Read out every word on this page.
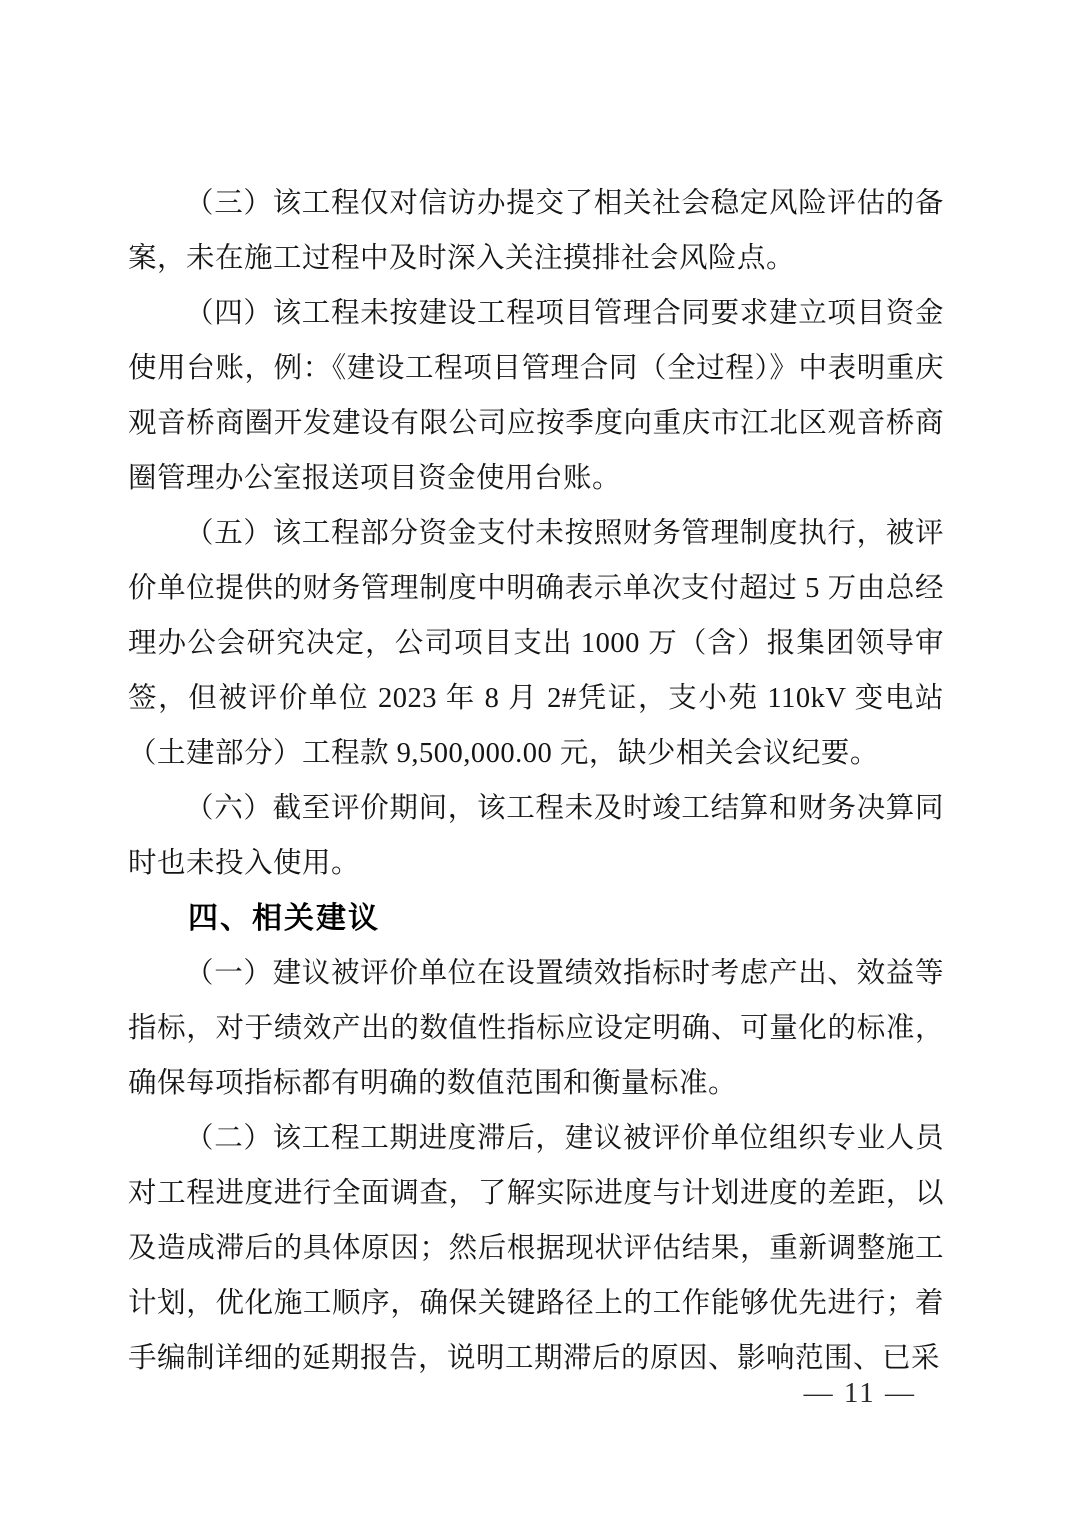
（三）该工程仅对信访办提交了相关社会稳定风险评估的备案，未在施工过程中及时深入关注摸排社会风险点。

（四）该工程未按建设工程项目管理合同要求建立项目资金使用台账，例：《建设工程项目管理合同（全过程）》中表明重庆观音桥商圈开发建设有限公司应按季度向重庆市江北区观音桥商圈管理办公室报送项目资金使用台账。

（五）该工程部分资金支付未按照财务管理制度执行，被评价单位提供的财务管理制度中明确表示单次支付超过 5 万由总经理办公会研究决定，公司项目支出 1000 万（含）报集团领导审签，但被评价单位 2023 年 8 月 2#凭证，支小苑 110kV 变电站（土建部分）工程款 9,500,000.00 元，缺少相关会议纪要。

（六）截至评价期间，该工程未及时竣工结算和财务决算同时也未投入使用。

四、相关建议

（一）建议被评价单位在设置绩效指标时考虑产出、效益等指标，对于绩效产出的数值性指标应设定明确、可量化的标准，确保每项指标都有明确的数值范围和衡量标准。

（二）该工程工期进度滞后，建议被评价单位组织专业人员对工程进度进行全面调查，了解实际进度与计划进度的差距，以及造成滞后的具体原因；然后根据现状评估结果，重新调整施工计划，优化施工顺序，确保关键路径上的工作能够优先进行；着手编制详细的延期报告，说明工期滞后的原因、影响范围、已采

— 11 —
